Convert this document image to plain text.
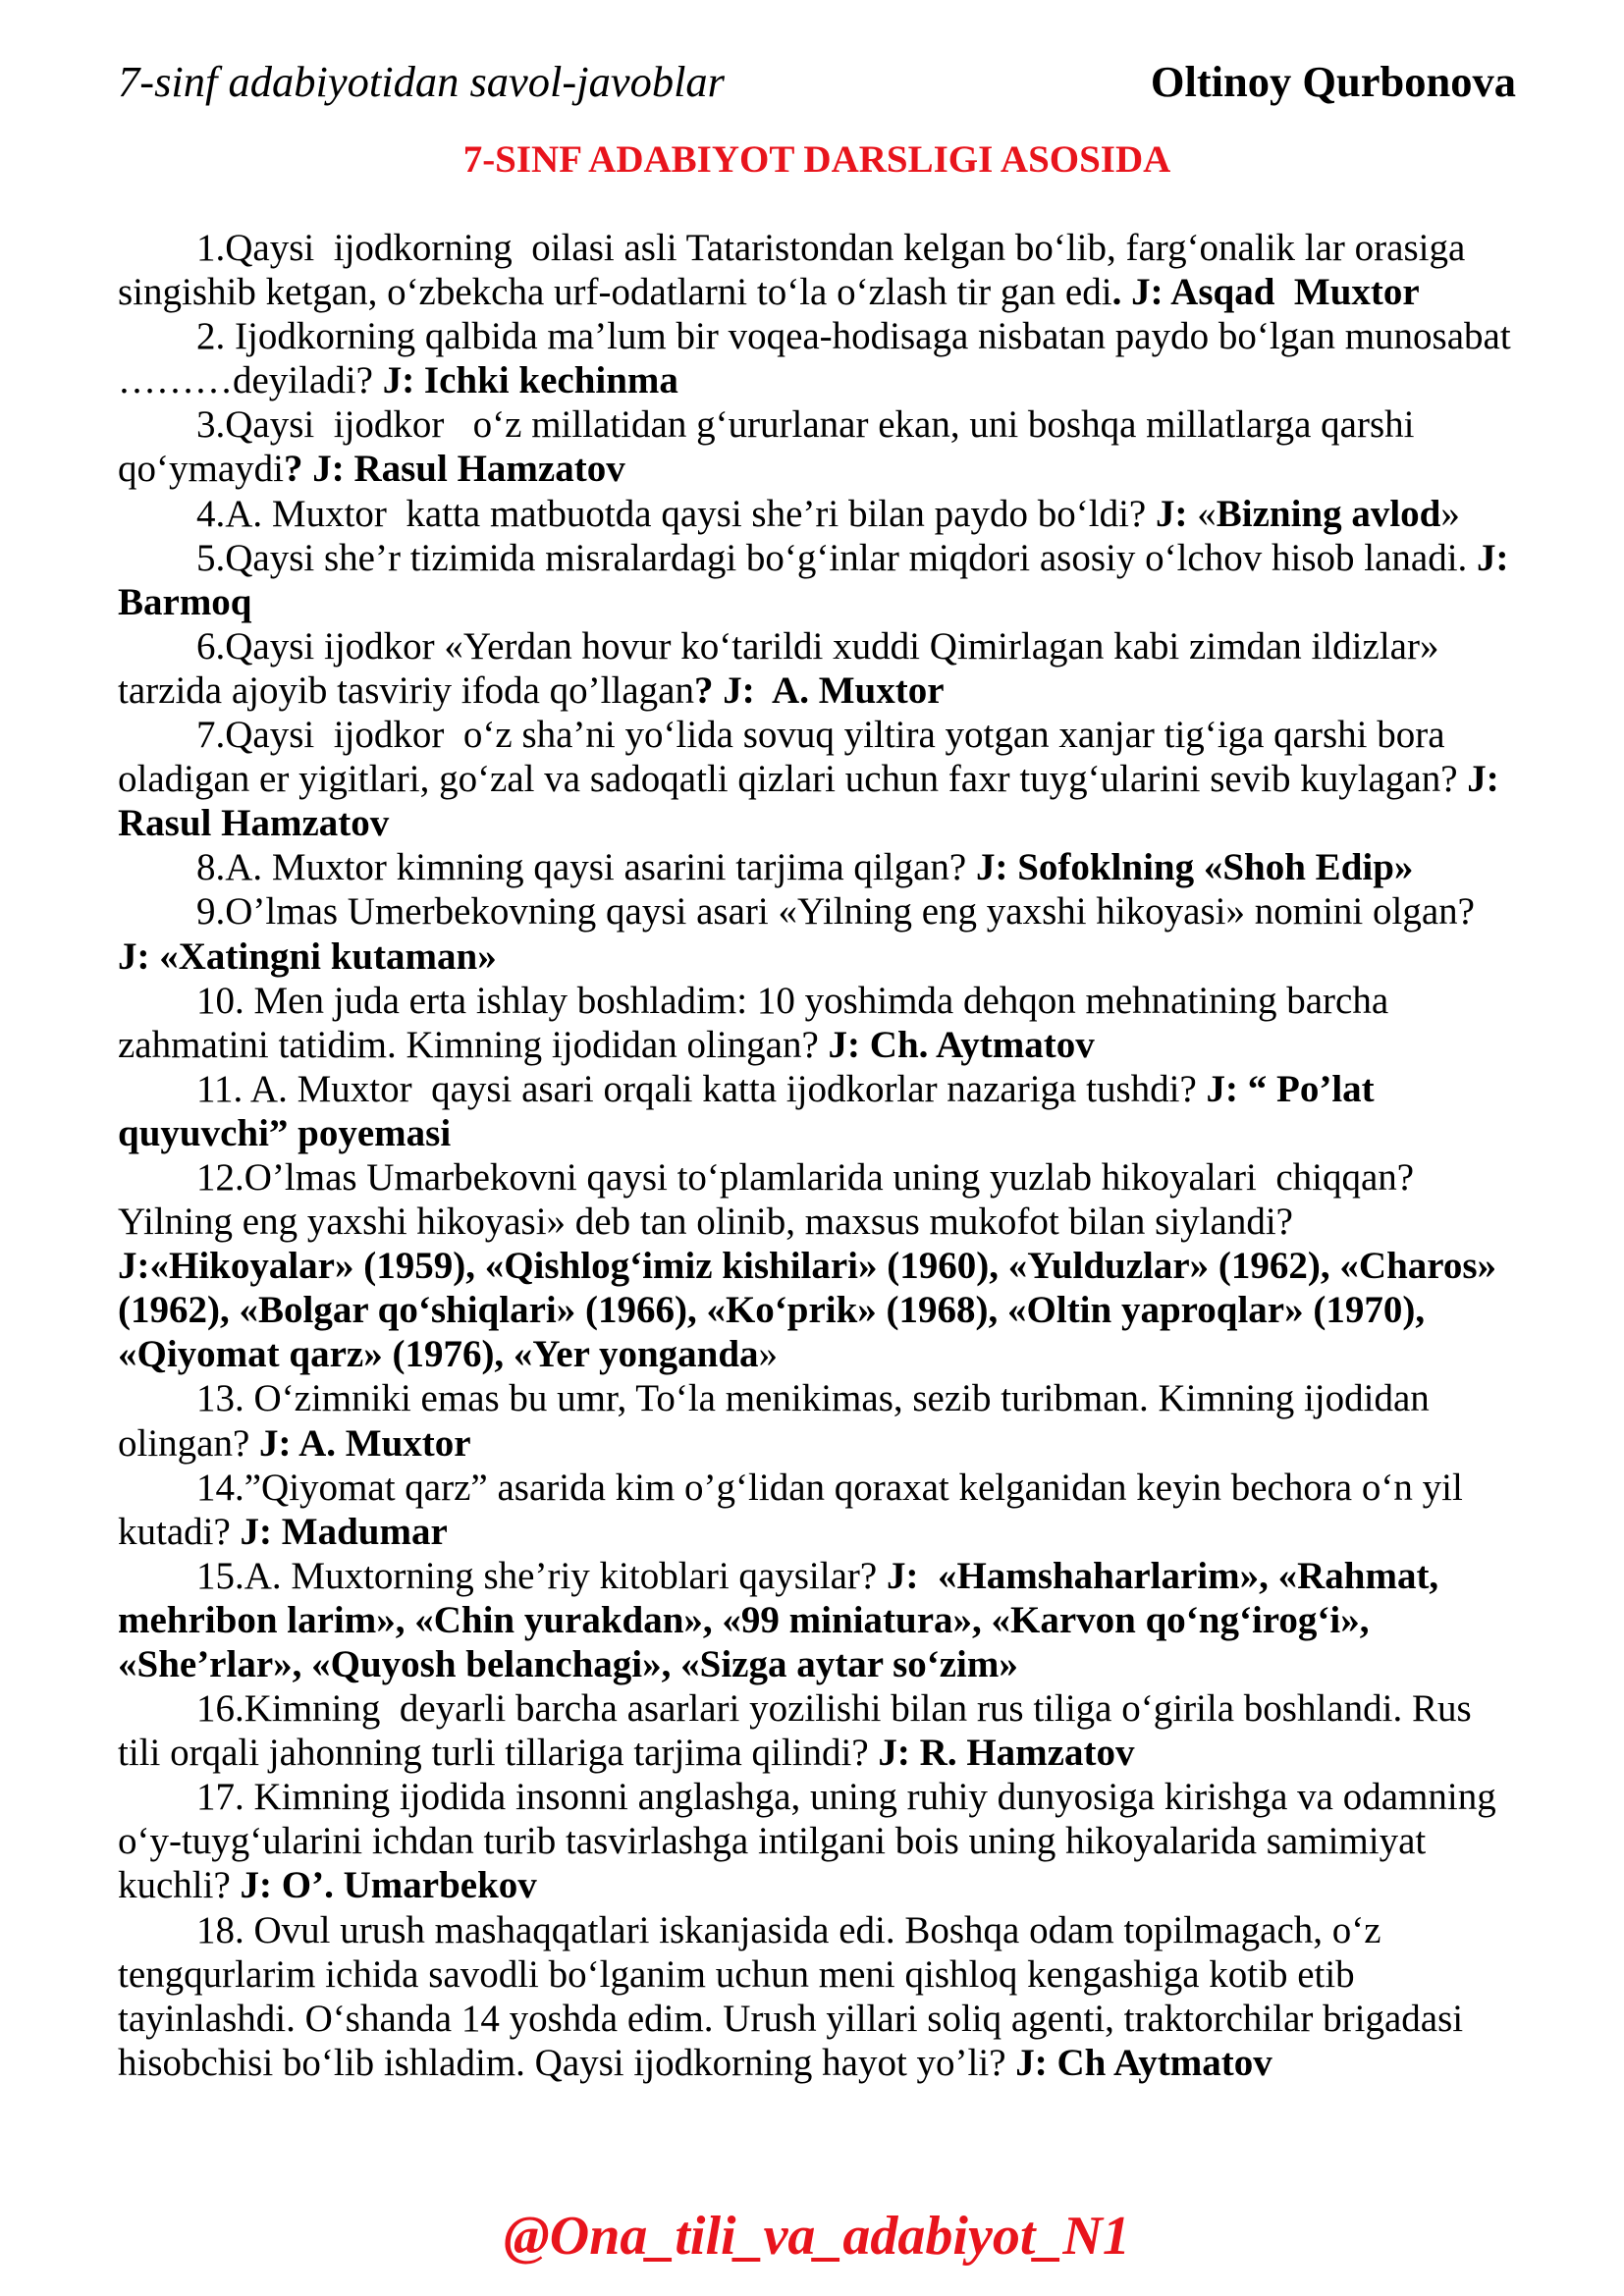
7-sinf adabiyotidan savol-javoblar	Oltinoy Qurbonova
7-SINF ADABIYOT DARSLIGI ASOSIDA
1.Qaysi  ijodkorning  oilasi asli Tataristondan kelgan bo‘lib, farg‘onalik lar orasiga
singishib ketgan, o‘zbekcha urf-odatlarni to‘la o‘zlash tir gan edi. J: Asqad  Muxtor
2. Ijodkorning qalbida ma’lum bir voqea-hodisaga nisbatan paydo bo‘lgan munosabat
………deyiladi? J: Ichki kechinma
3.Qaysi  ijodkor   o‘z millatidan g‘ururlanar ekan, uni boshqa millatlarga qarshi
qo‘ymaydi? J: Rasul Hamzatov
4.A. Muxtor  katta matbuotda qaysi she’ri bilan paydo bo‘ldi? J: «Bizning avlod»
5.Qaysi she’r tizimida misralardagi bo‘g‘inlar miqdori asosiy o‘lchov hisob lanadi. J:
Barmoq
6.Qaysi ijodkor «Yerdan hovur ko‘tarildi xuddi Qimirlagan kabi zimdan ildizlar»
tarzida ajoyib tasviriy ifoda qo’llagan? J:  A. Muxtor
7.Qaysi  ijodkor  o‘z sha’ni yo‘lida sovuq yiltira yotgan xanjar tig‘iga qarshi bora
oladigan er yigitlari, go‘zal va sadoqatli qizlari uchun faxr tuyg‘ularini sevib kuylagan? J:
Rasul Hamzatov
8.A. Muxtor kimning qaysi asarini tarjima qilgan? J: Sofoklning «Shoh Edip»
9.O’lmas Umerbekovning qaysi asari «Yilning eng yaxshi hikoyasi» nomini olgan?
J: «Xatingni kutaman»
10. Men juda erta ishlay boshladim: 10 yoshimda dehqon mehnatining barcha
zahmatini tatidim. Kimning ijodidan olingan? J: Ch. Aytmatov
11. A. Muxtor  qaysi asari orqali katta ijodkorlar nazariga tushdi? J: “ Po’lat
quyuvchi” poyemasi
12.O’lmas Umarbekovni qaysi to‘plamlarida uning yuzlab hikoyalari  chiqqan?
Yilning eng yaxshi hikoyasi» deb tan olinib, maxsus mukofot bilan siylandi?
J:«Hikoyalar» (1959), «Qishlog‘imiz kishilari» (1960), «Yulduzlar» (1962), «Charos»
(1962), «Bolgar qo‘shiqlari» (1966), «Ko‘prik» (1968), «Oltin yaproqlar» (1970),
«Qiyomat qarz» (1976), «Yer yonganda»
13. O‘zimniki emas bu umr, To‘la menikimas, sezib turibman. Kimning ijodidan
olingan? J: A. Muxtor
14.”Qiyomat qarz” asarida kim o’g‘lidan qoraxat kelganidan keyin bechora o‘n yil
kutadi? J: Madumar
15.A. Muxtorning she’riy kitoblari qaysilar? J:  «Hamshaharlarim», «Rahmat,
mehribon larim», «Chin yurakdan», «99 miniatura», «Karvon qo‘ng‘irog‘i»,
«She’rlar», «Quyosh belanchagi», «Sizga aytar so‘zim»
16.Kimning  deyarli barcha asarlari yozilishi bilan rus tiliga o‘girila boshlandi. Rus
tili orqali jahonning turli tillariga tarjima qilindi? J: R. Hamzatov
17. Kimning ijodida insonni anglashga, uning ruhiy dunyosiga kirishga va odamning
o‘y-tuyg‘ularini ichdan turib tasvirlashga intilgani bois uning hikoyalarida samimiyat
kuchli? J: O’. Umarbekov
18. Ovul urush mashaqqatlari iskanjasida edi. Boshqa odam topilmagach, o‘z
tengqurlarim ichida savodli bo‘lganim uchun meni qishloq kengashiga kotib etib
tayinlashdi. O‘shanda 14 yoshda edim. Urush yillari soliq agenti, traktorchilar brigadasi
hisobchisi bo‘lib ishladim. Qaysi ijodkorning hayot yo’li? J: Ch Aytmatov
@Ona_tili_va_adabiyot_N1
